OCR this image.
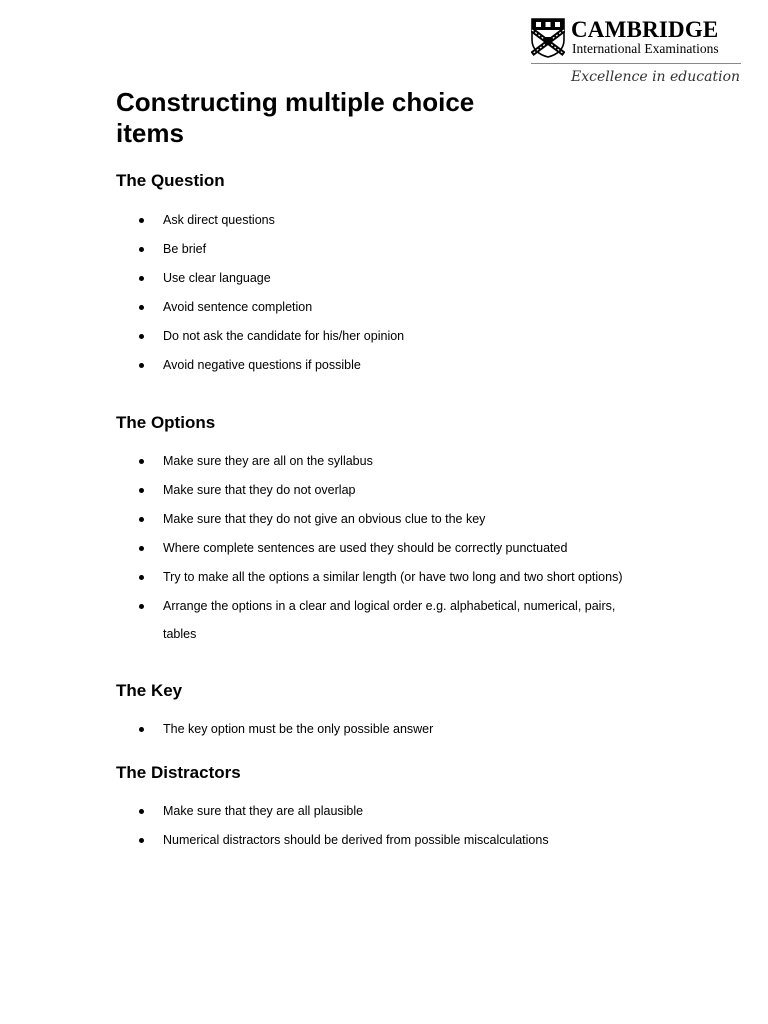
CAMBRIDGE
International Examinations
Excellence in education
Constructing multiple choice items
The Question
Ask direct questions
Be brief
Use clear language
Avoid sentence completion
Do not ask the candidate for his/her opinion
Avoid negative questions if possible
The Options
Make sure they are all on the syllabus
Make sure that they do not overlap
Make sure that they do not give an obvious clue to the key
Where complete sentences are used they should be correctly punctuated
Try to make all the options a similar length (or have two long and two short options)
Arrange the options in a clear and logical order e.g. alphabetical, numerical, pairs, tables
The Key
The key option must be the only possible answer
The Distractors
Make sure that they are all plausible
Numerical distractors should be derived from possible miscalculations
